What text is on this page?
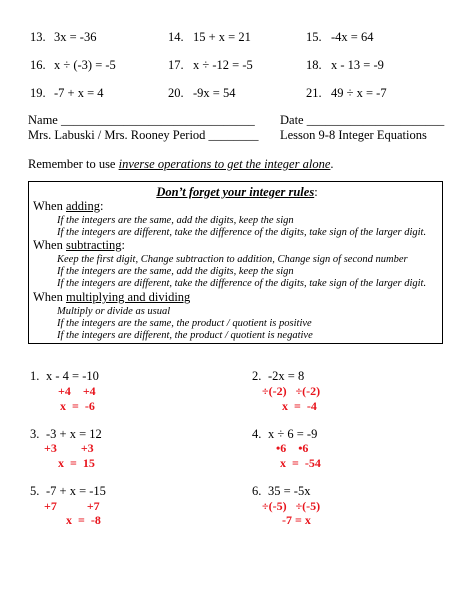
13. 3x = -36	14. 15 + x = 21	15. -4x = 64
16. x ÷ (-3) = -5	17. x ÷ -12 = -5	18. x - 13 = -9
19. -7 + x = 4	20. -9x = 54	21. 49 ÷ x = -7
Name _______________________________ Date ______________________
Mrs. Labuski / Mrs. Rooney Period ________ Lesson 9-8 Integer Equations
Remember to use inverse operations to get the integer alone.
Don’t forget your integer rules:
When adding:
If the integers are the same, add the digits, keep the sign
If the integers are different, take the difference of the digits, take sign of the larger digit.
When subtracting:
Keep the first digit, Change subtraction to addition, Change sign of second number
If the integers are the same, add the digits, keep the sign
If the integers are different, take the difference of the digits, take sign of the larger digit.
When multiplying and dividing
Multiply or divide as usual
If the integers are the same, the product / quotient is positive
If the integers are different, the product / quotient is negative
1. x - 4 = -10
+4    +4
x  =  -6
2. -2x = 8
÷(-2)   ÷(-2)
x  =  -4
3. -3 + x = 12
+3        +3
x  =  15
4. x ÷ 6 = -9
•6    •6
x  =  -54
5. -7 + x = -15
+7          +7
x  =  -8
6. 35 = -5x
÷(-5)   ÷(-5)
-7 = x
